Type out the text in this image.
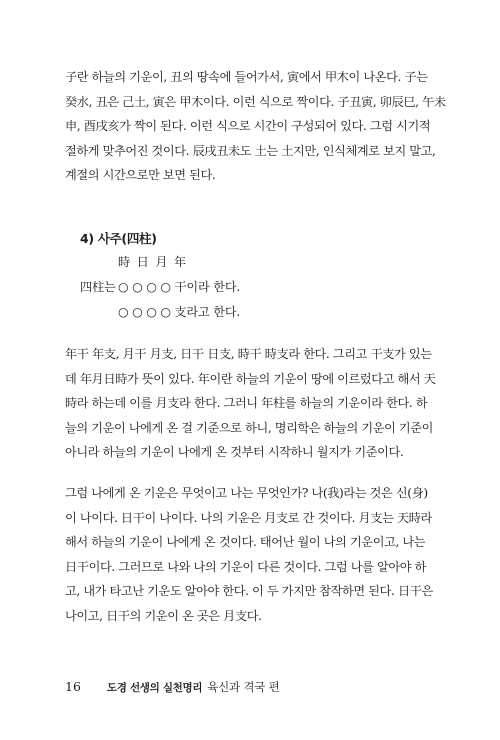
子란 하늘의 기운이, 丑의 땅속에 들어가서, 寅에서 甲木이 나온다. 子는
癸水, 丑은 己土, 寅은 甲木이다. 이런 식으로 짝이다. 子丑寅, 卯辰巳, 午未
申, 酉戌亥가 짝이 된다. 이런 식으로 시간이 구성되어 있다. 그럼 시기적
절하게 맞추어진 것이다. 辰戌丑未도 土는 土지만, 인식체계로 보지 말고,
계절의 시간으로만 보면 된다.
4) 사주(四柱)
時 日 月 年
四柱는 ○ ○ ○ ○ 干이라 한다.
○ ○ ○ ○ 支라고 한다.
年干 年支, 月干 月支, 日干 日支, 時干 時支라 한다. 그리고 干支가 있는
데 年月日時가 뜻이 있다. 年이란 하늘의 기운이 땅에 이르렀다고 해서 天
時라 하는데 이를 月支라 한다. 그러니 年柱를 하늘의 기운이라 한다. 하
늘의 기운이 나에게 온 걸 기준으로 하니, 명리학은 하늘의 기운이 기준이
아니라 하늘의 기운이 나에게 온 것부터 시작하니 월지가 기준이다.
그럼 나에게 온 기운은 무엇이고 나는 무엇인가? 나(我)라는 것은 신(身)
이 나이다. 日干이 나이다. 나의 기운은 月支로 간 것이다. 月支는 天時라
해서 하늘의 기운이 나에게 온 것이다. 태어난 월이 나의 기운이고, 나는
日干이다. 그러므로 나와 나의 기운이 다른 것이다. 그럼 나를 알아야 하
고, 내가 타고난 기운도 알아야 한다. 이 두 가지만 참작하면 된다. 日干은
나이고, 日干의 기운이 온 곳은 月支다.
16 도경 선생의 실천명리 육신과 격국 편
